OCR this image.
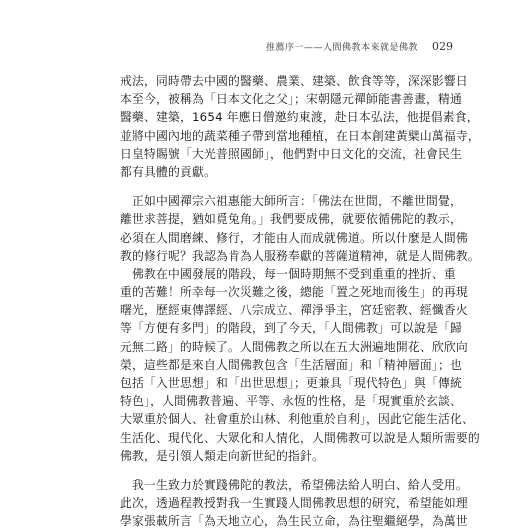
推薦序一——人間佛教本來就是佛教 029
戒法，同時帶去中國的醫藥、農業、建築、飲食等等，深深影響日
本至今，被稱為「日本文化之父」；宋朝隱元禪師能書善畫，精通
醫藥、建築，1654 年應日僧邀約東渡，赴日本弘法，他提倡素食，
並將中國內地的蔬菜種子帶到當地種植，在日本創建黃檗山萬福寺，
日皇特賜號「大光普照國師」，他們對中日文化的交流，社會民生
都有具體的貢獻。
　正如中國禪宗六祖惠能大師所言：「佛法在世間，不離世間覺，
離世求菩提，猶如覓兔角。」我們要成佛，就要依循佛陀的教示，
必須在人間磨練、修行，才能由人而成就佛道。所以什麼是人間佛
教的修行呢？我認為肯為人服務奉獻的菩薩道精神，就是人間佛教。
　佛教在中國發展的階段，每一個時期無不受到重重的挫折、重
重的苦難！所幸每一次災難之後，總能「置之死地而後生」的再現
曙光，歷經東傳譯經、八宗成立、禪淨爭主，宮廷密教、經懺香火
等「方便有多門」的階段，到了今天，「人間佛教」可以說是「歸
元無二路」的時候了。人間佛教之所以在五大洲遍地開花、欣欣向
榮，這些都是來自人間佛教包含「生活層面」和「精神層面」；也
包括「入世思想」和「出世思想」；更兼具「現代特色」與「傳統
特色」，人間佛教普遍、平等、永恆的性格，是「現實重於玄談、
大眾重於個人、社會重於山林、利他重於自利」，因此它能生活化、
生活化、現代化、大眾化和人情化，人間佛教可以說是人類所需要的
佛教，是引領人類走向新世紀的指針。
　我一生致力於實踐佛陀的教法，希望佛法給人明白、給人受用。
此次，透過程教授對我一生實踐人間佛教思想的研究，希望能如理
學家張載所言「為天地立心，為生民立命，為往聖繼絕學，為萬世
